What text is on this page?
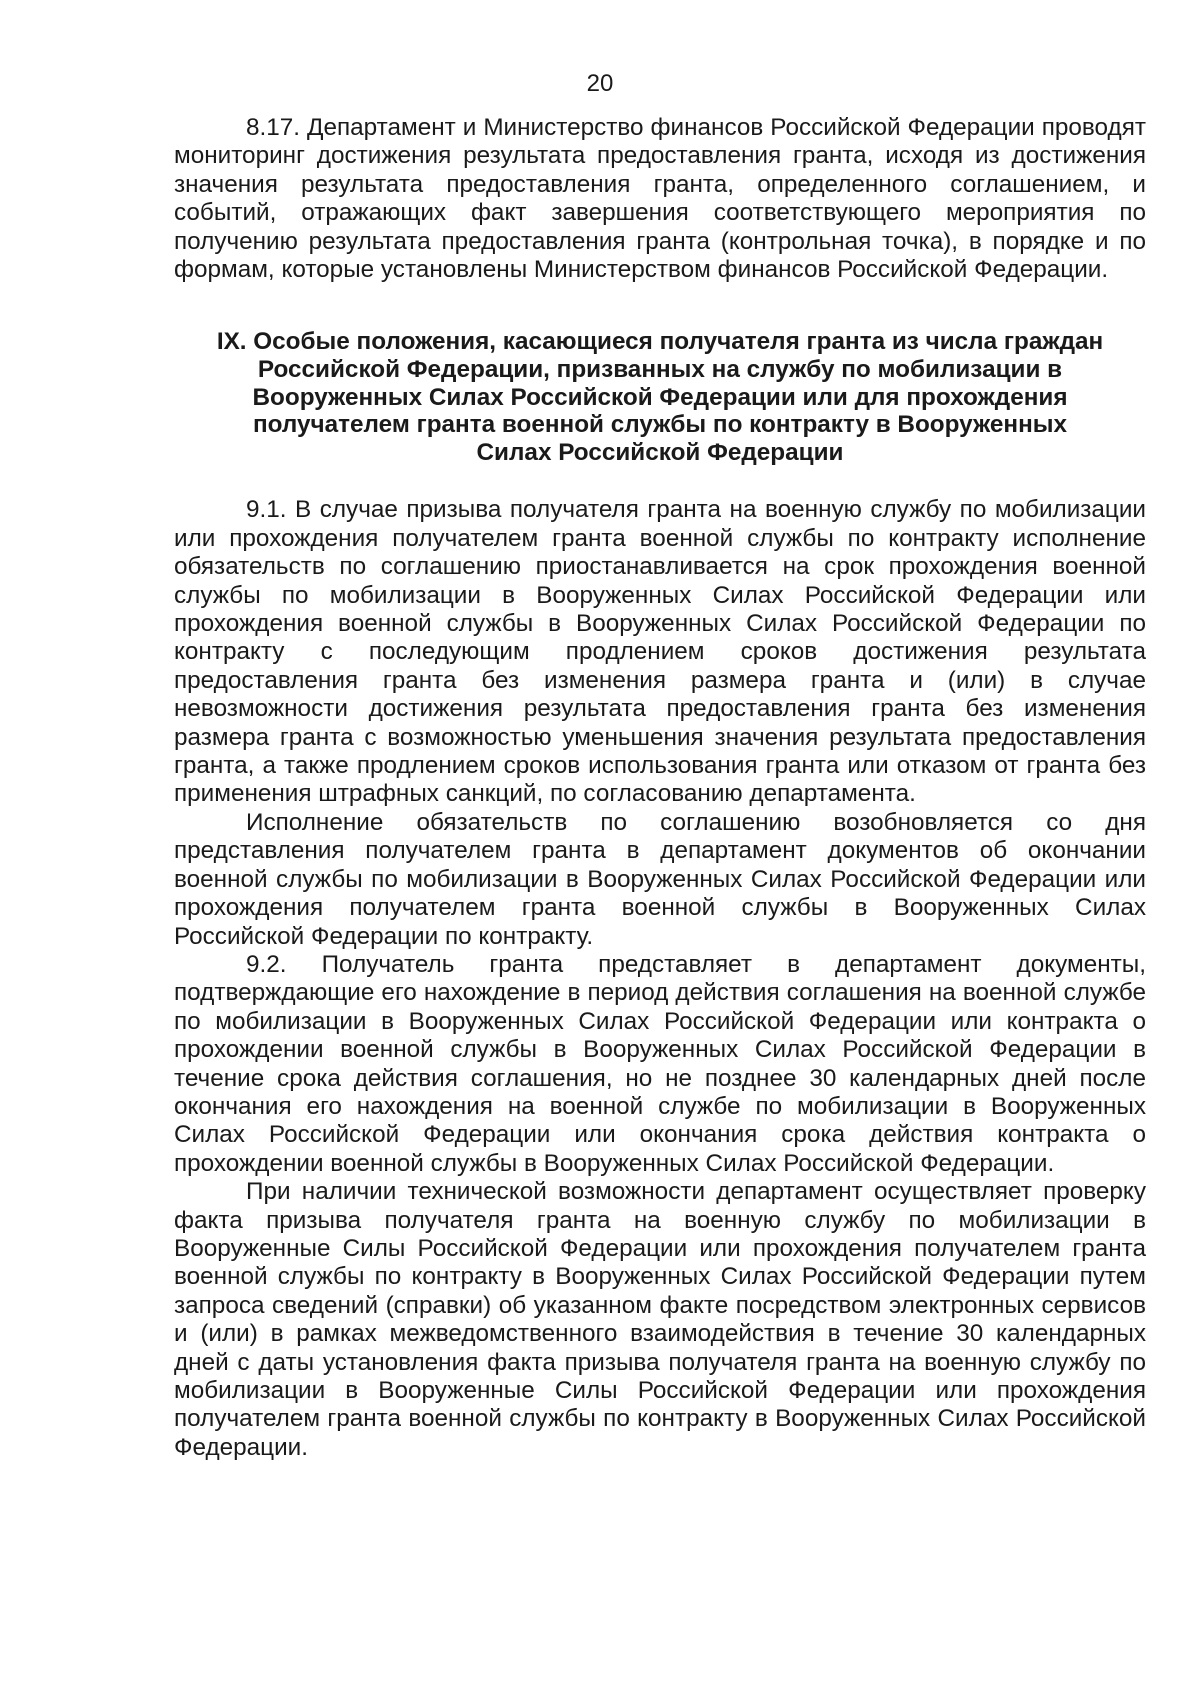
20

8.17. Департамент и Министерство финансов Российской Федерации проводят мониторинг достижения результата предоставления гранта, исходя из достижения значения результата предоставления гранта, определенного соглашением, и событий, отражающих факт завершения соответствующего мероприятия по получению результата предоставления гранта (контрольная точка), в порядке и по формам, которые установлены Министерством финансов Российской Федерации.

IX. Особые положения, касающиеся получателя гранта из числа граждан Российской Федерации, призванных на службу по мобилизации в Вооруженных Силах Российской Федерации или для прохождения получателем гранта военной службы по контракту в Вооруженных Силах Российской Федерации

9.1. В случае призыва получателя гранта на военную службу по мобилизации или прохождения получателем гранта военной службы по контракту исполнение обязательств по соглашению приостанавливается на срок прохождения военной службы по мобилизации в Вооруженных Силах Российской Федерации или прохождения военной службы в Вооруженных Силах Российской Федерации по контракту с последующим продлением сроков достижения результата предоставления гранта без изменения размера гранта и (или) в случае невозможности достижения результата предоставления гранта без изменения размера гранта с возможностью уменьшения значения результата предоставления гранта, а также продлением сроков использования гранта или отказом от гранта без применения штрафных санкций, по согласованию департамента.

Исполнение обязательств по соглашению возобновляется со дня представления получателем гранта в департамент документов об окончании военной службы по мобилизации в Вооруженных Силах Российской Федерации или прохождения получателем гранта военной службы в Вооруженных Силах Российской Федерации по контракту.

9.2. Получатель гранта представляет в департамент документы, подтверждающие его нахождение в период действия соглашения на военной службе по мобилизации в Вооруженных Силах Российской Федерации или контракта о прохождении военной службы в Вооруженных Силах Российской Федерации в течение срока действия соглашения, но не позднее 30 календарных дней после окончания его нахождения на военной службе по мобилизации в Вооруженных Силах Российской Федерации или окончания срока действия контракта о прохождении военной службы в Вооруженных Силах Российской Федерации.

При наличии технической возможности департамент осуществляет проверку факта призыва получателя гранта на военную службу по мобилизации в Вооруженные Силы Российской Федерации или прохождения получателем гранта военной службы по контракту в Вооруженных Силах Российской Федерации путем запроса сведений (справки) об указанном факте посредством электронных сервисов и (или) в рамках межведомственного взаимодействия в течение 30 календарных дней с даты установления факта призыва получателя гранта на военную службу по мобилизации в Вооруженные Силы Российской Федерации или прохождения получателем гранта военной службы по контракту в Вооруженных Силах Российской Федерации.
